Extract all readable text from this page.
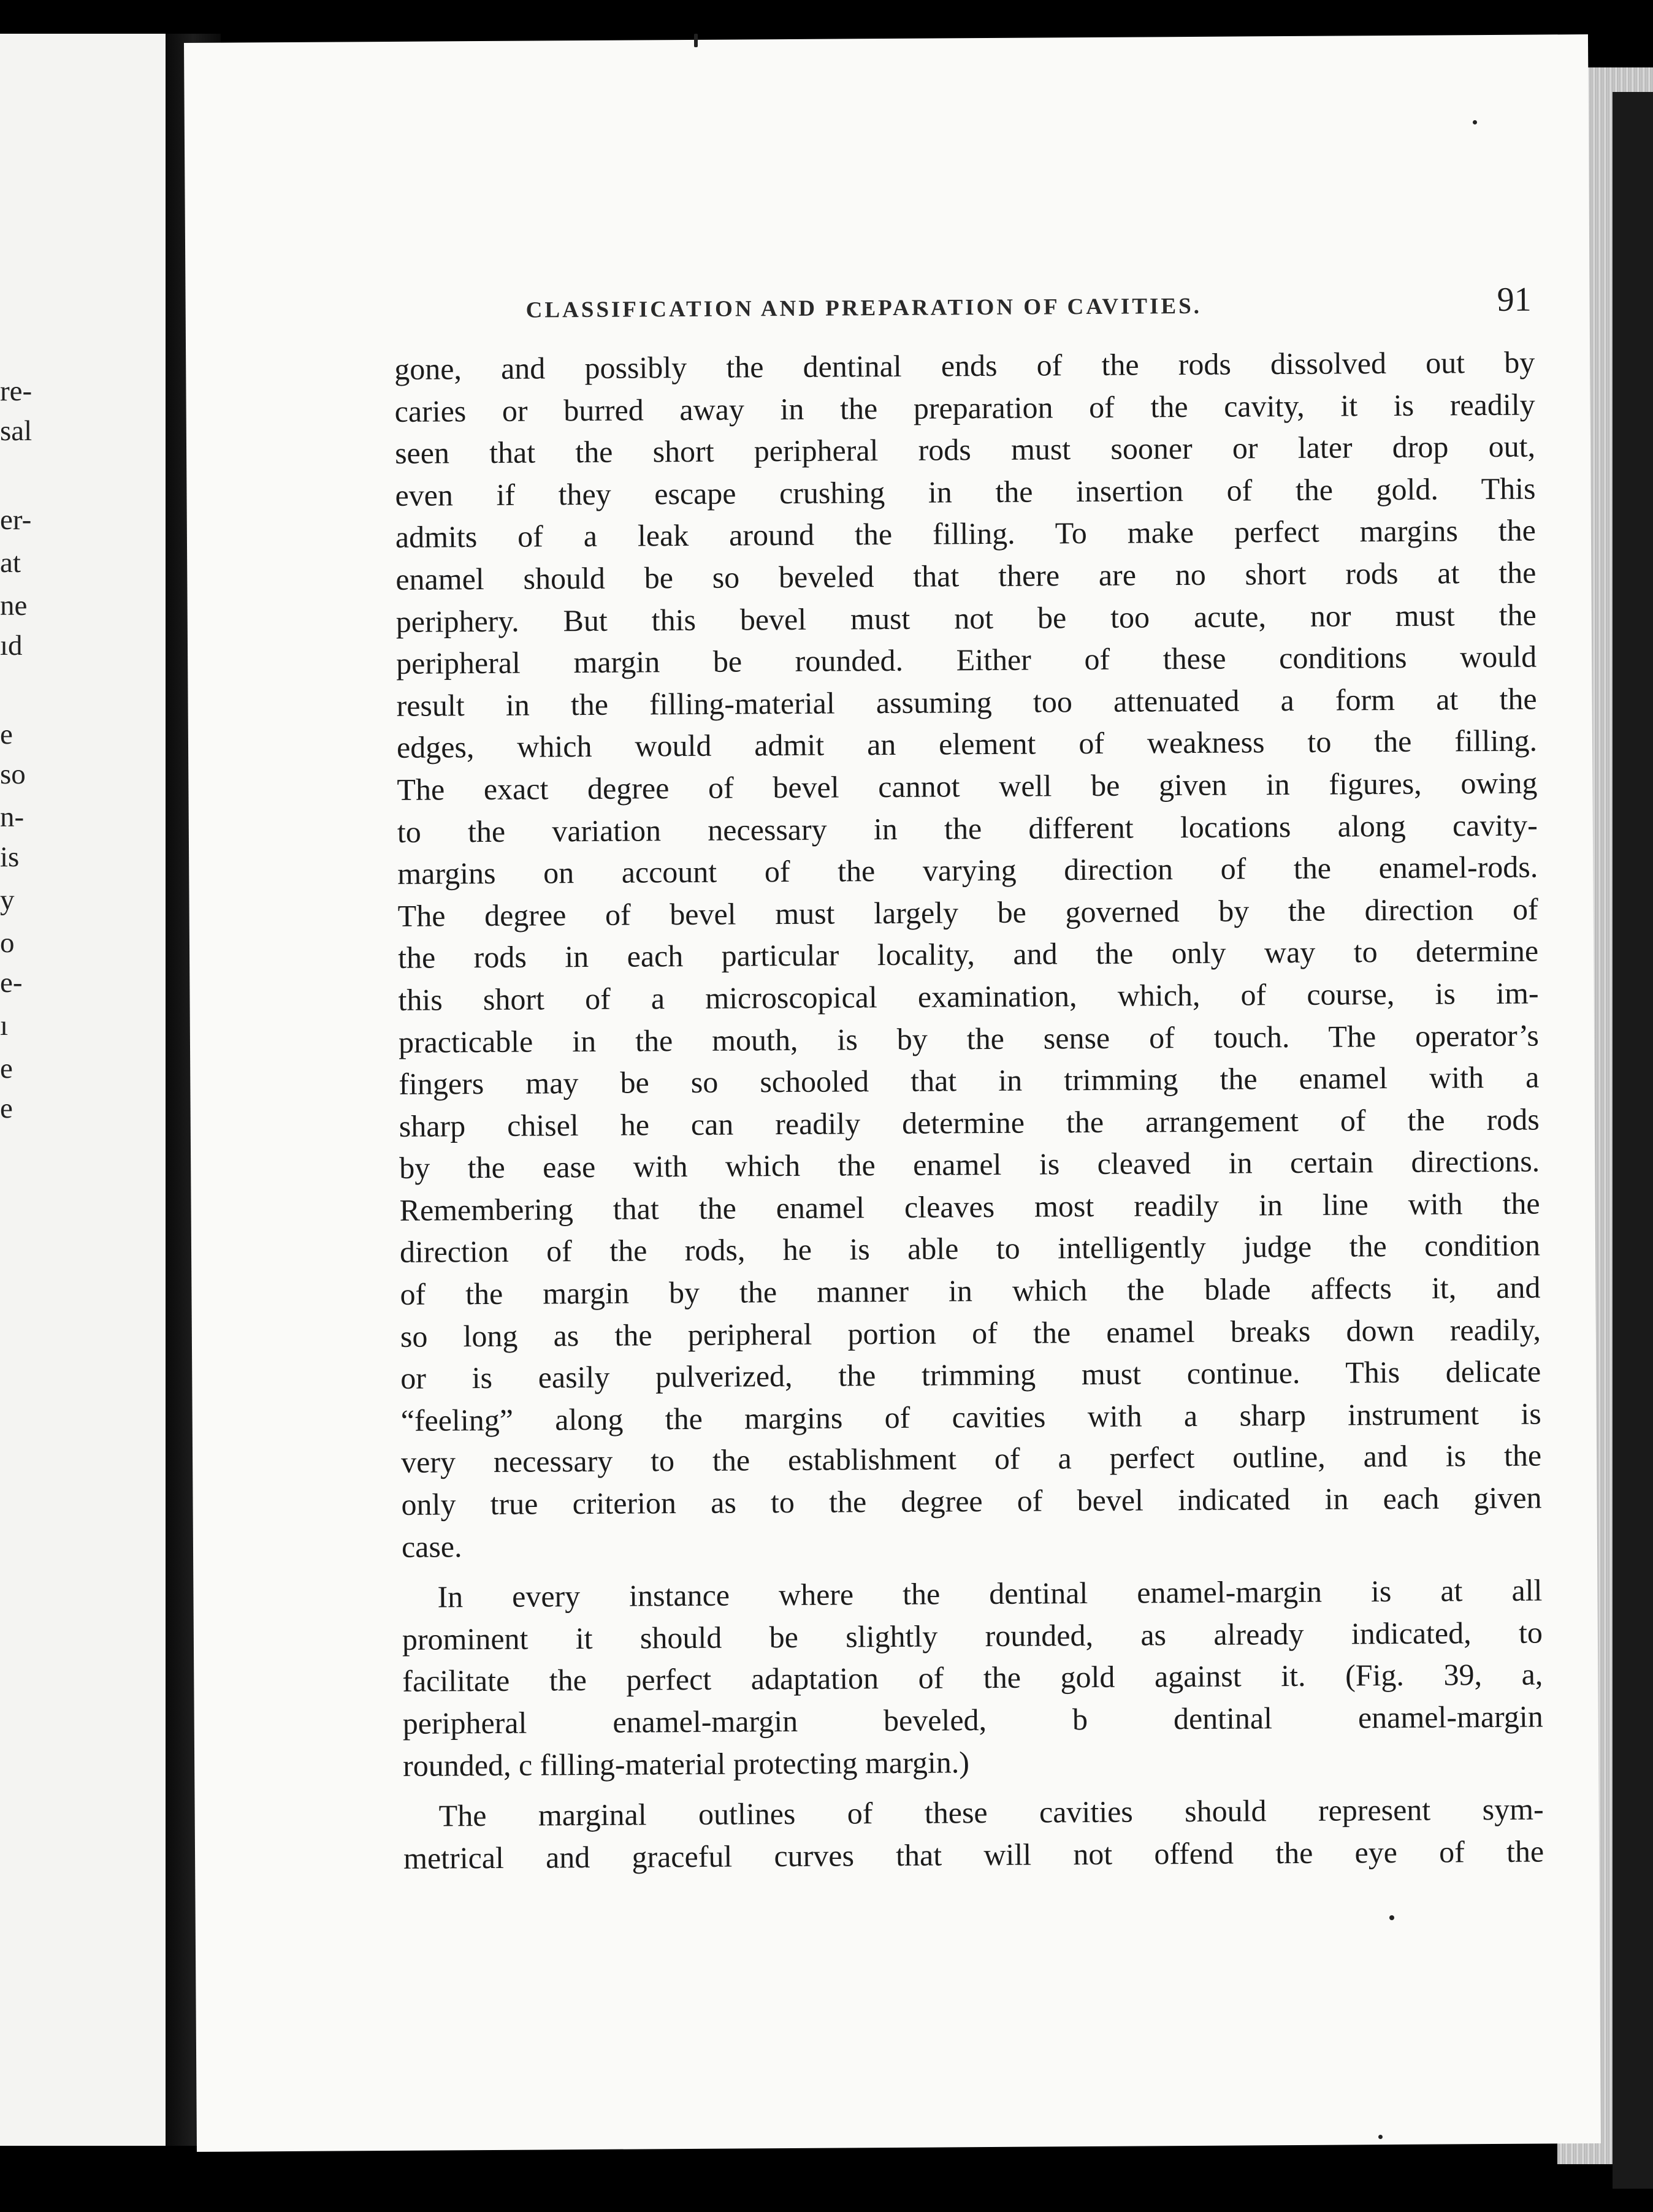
re-
sal
er-
at
ne
ıd
e
so
n-
is
y
o
e-
ı
e
e
CLASSIFICATION AND PREPARATION OF CAVITIES.	91
gone, and possibly the dentinal ends of the rods dissolved out by
caries or burred away in the preparation of the cavity, it is readily
seen that the short peripheral rods must sooner or later drop out,
even if they escape crushing in the insertion of the gold. This
admits of a leak around the filling. To make perfect margins the
enamel should be so beveled that there are no short rods at the
periphery. But this bevel must not be too acute, nor must the
peripheral margin be rounded. Either of these conditions would
result in the filling-material assuming too attenuated a form at the
edges, which would admit an element of weakness to the filling.
The exact degree of bevel cannot well be given in figures, owing
to the variation necessary in the different locations along cavity-
margins on account of the varying direction of the enamel-rods.
The degree of bevel must largely be governed by the direction of
the rods in each particular locality, and the only way to determine
this short of a microscopical examination, which, of course, is im-
practicable in the mouth, is by the sense of touch. The operator’s
fingers may be so schooled that in trimming the enamel with a
sharp chisel he can readily determine the arrangement of the rods
by the ease with which the enamel is cleaved in certain directions.
Remembering that the enamel cleaves most readily in line with the
direction of the rods, he is able to intelligently judge the condition
of the margin by the manner in which the blade affects it, and
so long as the peripheral portion of the enamel breaks down readily,
or is easily pulverized, the trimming must continue. This delicate
“feeling” along the margins of cavities with a sharp instrument is
very necessary to the establishment of a perfect outline, and is the
only true criterion as to the degree of bevel indicated in each given
case.
In every instance where the dentinal enamel-margin is at all
prominent it should be slightly rounded, as already indicated, to
facilitate the perfect adaptation of the gold against it. (Fig. 39, a,
peripheral enamel-margin beveled, b dentinal enamel-margin
rounded, c filling-material protecting margin.)
The marginal outlines of these cavities should represent sym-
metrical and graceful curves that will not offend the eye of the
